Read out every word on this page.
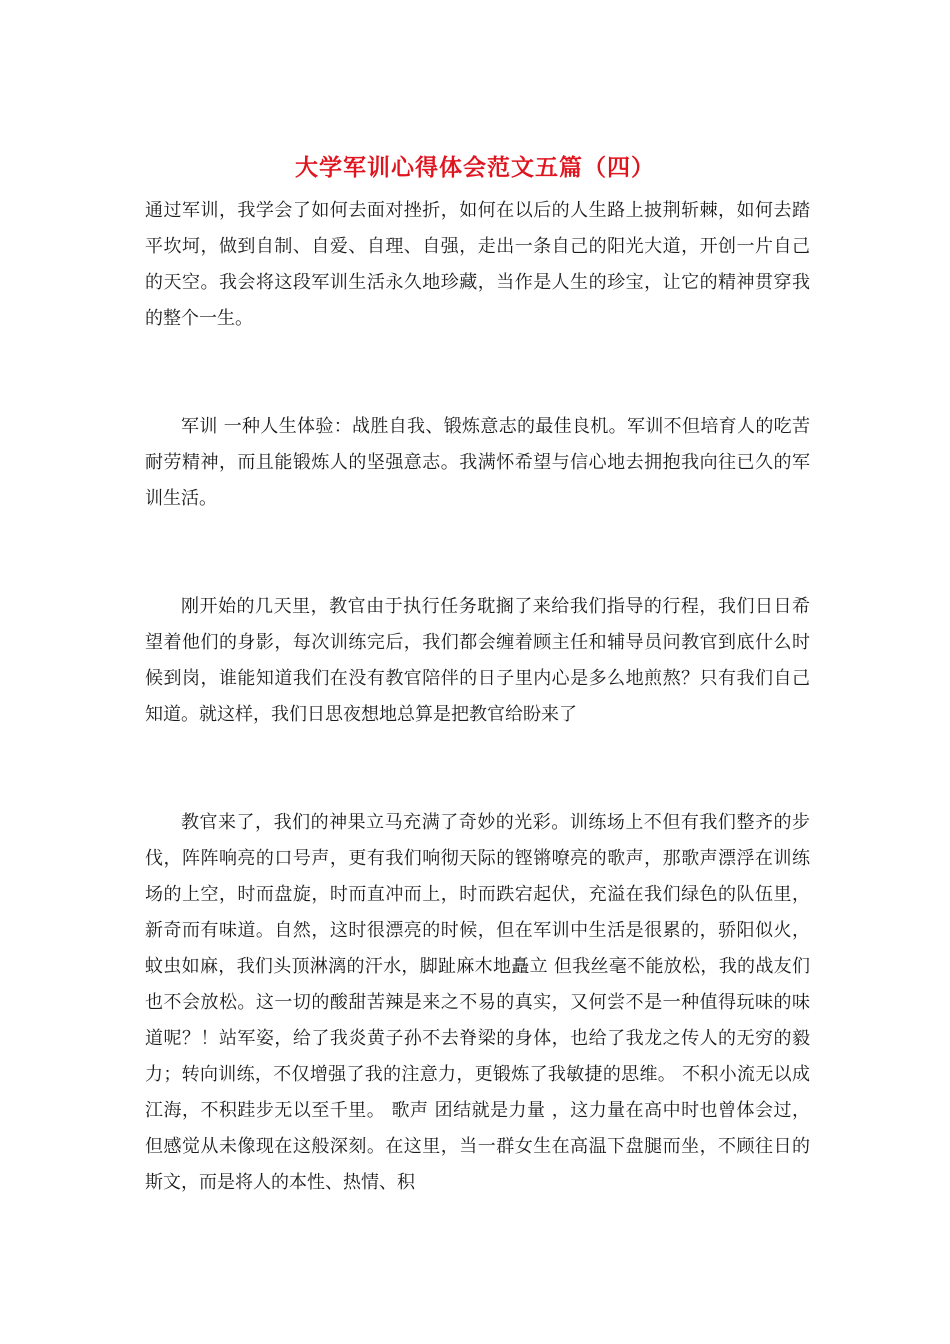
大学军训心得体会范文五篇（四）

通过军训，我学会了如何去面对挫折，如何在以后的人生路上披荆斩棘，如何去踏平坎坷，做到自制、自爱、自理、自强，走出一条自己的阳光大道，开创一片自己的天空。我会将这段军训生活永久地珍藏，当作是人生的珍宝，让它的精神贯穿我的整个一生。

军训 一种人生体验：战胜自我、锻炼意志的最佳良机。军训不但培育人的吃苦耐劳精神，而且能锻炼人的坚强意志。我满怀希望与信心地去拥抱我向往已久的军训生活。

刚开始的几天里，教官由于执行任务耽搁了来给我们指导的行程，我们日日希望着他们的身影，每次训练完后，我们都会缠着顾主任和辅导员问教官到底什么时候到岗，谁能知道我们在没有教官陪伴的日子里内心是多么地煎熬？只有我们自己知道。就这样，我们日思夜想地总算是把教官给盼来了

教官来了，我们的神果立马充满了奇妙的光彩。训练场上不但有我们整齐的步伐，阵阵响亮的口号声，更有我们响彻天际的铿锵嘹亮的歌声，那歌声漂浮在训练场的上空，时而盘旋，时而直冲而上，时而跌宕起伏，充溢在我们绿色的队伍里，新奇而有味道。自然，这时很漂亮的时候，但在军训中生活是很累的，骄阳似火，蚊虫如麻，我们头顶淋漓的汗水，脚趾麻木地矗立 但我丝毫不能放松，我的战友们也不会放松。这一切的酸甜苦辣是来之不易的真实，又何尝不是一种值得玩味的味道呢？！站军姿，给了我炎黄子孙不去脊梁的身体，也给了我龙之传人的无穷的毅力；转向训练，不仅增强了我的注意力，更锻炼了我敏捷的思维。 不积小流无以成江海，不积跬步无以至千里。 歌声 团结就是力量 ，这力量在高中时也曾体会过，但感觉从未像现在这般深刻。在这里，当一群女生在高温下盘腿而坐，不顾往日的斯文，而是将人的本性、热情、积
